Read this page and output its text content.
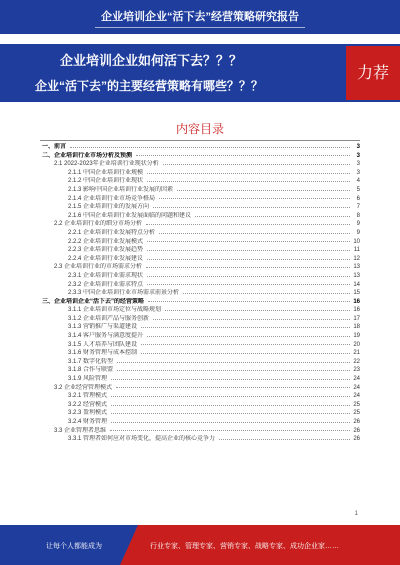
企业培训企业“活下去”经营策略研究报告
企业培训企业如何活下去？？？
企业“活下去”的主要经营策略有哪些？？？
力荐
内容目录
一、前言	3
二、企业培训行业市场分析及预测	3
2.1 2022-2023年企业培训行业现状分析	3
2.1.1 中国企业培训行业规模	3
2.1.2 中国企业培训行业现状	4
2.1.3 影响中国企业培训行业发展的因素	5
2.1.4 企业培训行业市场竞争格局	6
2.1.5 企业培训行业的发展方向	7
2.1.6 中国企业培训行业发展面临的问题和建议	8
2.2 企业培训行业的细分市场分析	9
2.2.1 企业培训行业发展特点分析	9
2.2.2 企业培训行业发展模式	10
2.2.3 企业培训行业发展趋势	11
2.2.4 企业培训行业发展建议	12
2.3 企业培训行业的市场需求分析	13
2.3.1 企业培训行业需求现状	13
2.3.2 企业培训行业需求特点	14
2.3.3 中国企业培训行业市场需求前景分析	15
三、企业培训企业“活下去”的经营策略	16
3.1.1 企业培训市场定位与战略规划	16
3.1.2 企业培训产品与服务创新	17
3.1.3 营销推广与渠道建设	18
3.1.4 客户服务与满意度提升	19
3.1.5 人才培养与团队建设	20
3.1.6 财务管理与成本控制	21
3.1.7 数字化转型	22
3.1.8 合作与联盟	23
3.1.9 风险管理	24
3.2 企业经营管理模式	24
3.2.1 管理模式	24
3.2.2 经营模式	25
3.2.3 盈利模式	25
3.2.4 财务管理	26
3.3 企业管理者思维	26
3.3.1 管理者如何应对市场变化，提高企业的核心竞争力	26
1
让每个人都能成为	行业专家、管理专家、营销专家、战略专家、成功企业家……
